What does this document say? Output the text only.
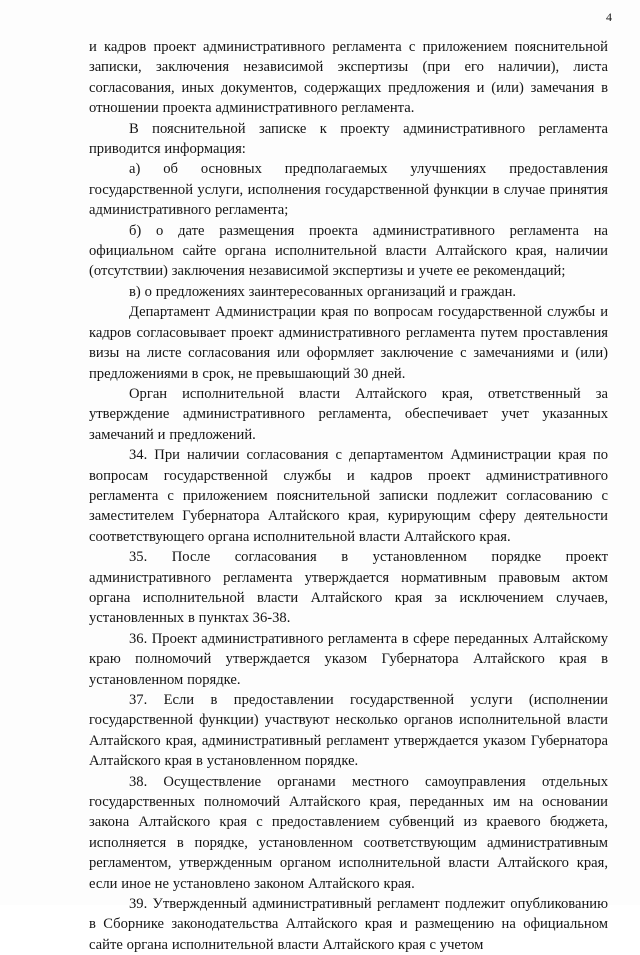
4

и кадров проект административного регламента с приложением пояснительной записки, заключения независимой экспертизы (при его наличии), листа согласования, иных документов, содержащих предложения и (или) замечания в отношении проекта административного регламента.

В пояснительной записке к проекту административного регламента приводится информация:

а) об основных предполагаемых улучшениях предоставления государственной услуги, исполнения государственной функции в случае принятия административного регламента;

б) о дате размещения проекта административного регламента на официальном сайте органа исполнительной власти Алтайского края, наличии (отсутствии) заключения независимой экспертизы и учете ее рекомендаций;

в) о предложениях заинтересованных организаций и граждан.

Департамент Администрации края по вопросам государственной службы и кадров согласовывает проект административного регламента путем проставления визы на листе согласования или оформляет заключение с замечаниями и (или) предложениями в срок, не превышающий 30 дней.

Орган исполнительной власти Алтайского края, ответственный за утверждение административного регламента, обеспечивает учет указанных замечаний и предложений.

34. При наличии согласования с департаментом Администрации края по вопросам государственной службы и кадров проект административного регламента с приложением пояснительной записки подлежит согласованию с заместителем Губернатора Алтайского края, курирующим сферу деятельности соответствующего органа исполнительной власти Алтайского края.

35. После согласования в установленном порядке проект административного регламента утверждается нормативным правовым актом органа исполнительной власти Алтайского края за исключением случаев, установленных в пунктах 36-38.

36. Проект административного регламента в сфере переданных Алтайскому краю полномочий утверждается указом Губернатора Алтайского края в установленном порядке.

37. Если в предоставлении государственной услуги (исполнении государственной функции) участвуют несколько органов исполнительной власти Алтайского края, административный регламент утверждается указом Губернатора Алтайского края в установленном порядке.

38. Осуществление органами местного самоуправления отдельных государственных полномочий Алтайского края, переданных им на основании закона Алтайского края с предоставлением субвенций из краевого бюджета, исполняется в порядке, установленном соответствующим административным регламентом, утвержденным органом исполнительной власти Алтайского края, если иное не установлено законом Алтайского края.

39. Утвержденный административный регламент подлежит опубликованию в Сборнике законодательства Алтайского края и размещению на официальном сайте органа исполнительной власти Алтайского края с учетом
